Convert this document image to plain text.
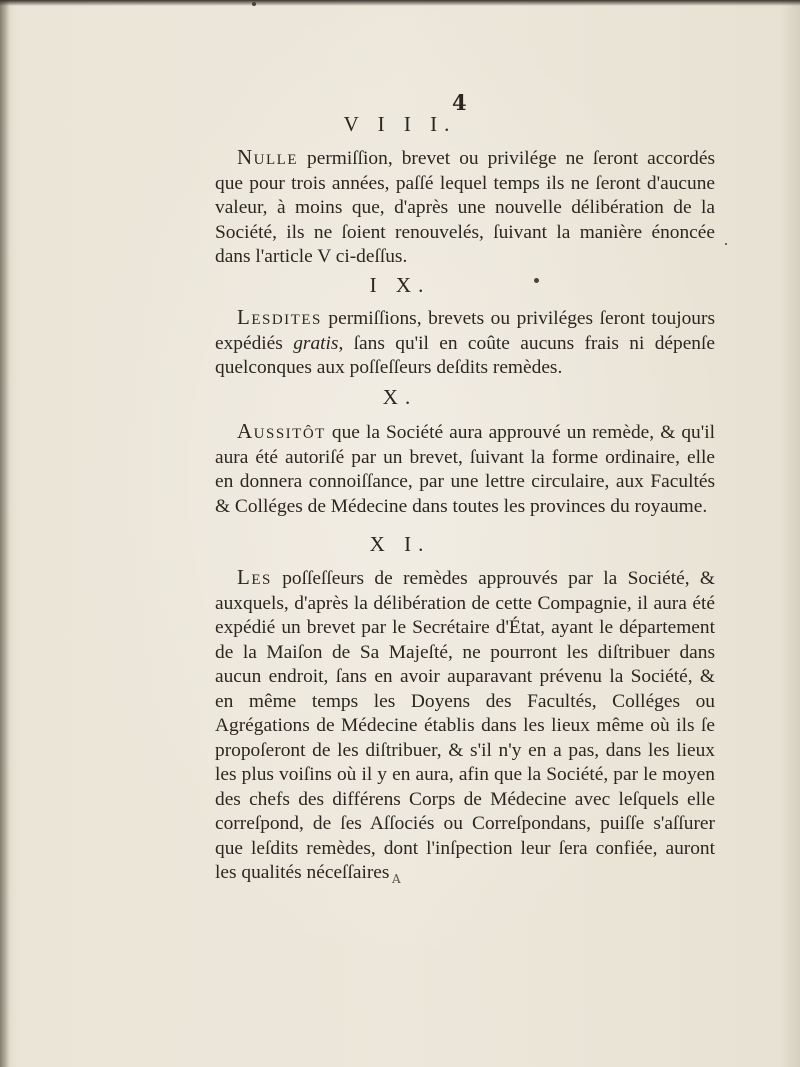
4
V I I I.

Nulle permiſſion, brevet ou privilége ne ſeront accordés que pour trois années, paſſé lequel temps ils ne ſeront d'aucune valeur, à moins que, d'après une nouvelle délibération de la Société, ils ne ſoient renouvelés, ſuivant la manière énoncée dans l'article V ci-deſſus.

I X.

Lesdites permiſſions, brevets ou priviléges ſeront toujours expédiés gratis, ſans qu'il en coûte aucuns frais ni dépenſe quelconques aux poſſeſſeurs deſdits remèdes.

X.

Aussitôt que la Société aura approuvé un remède, & qu'il aura été autoriſé par un brevet, ſuivant la forme ordinaire, elle en donnera connoiſſance, par une lettre circulaire, aux Facultés & Colléges de Médecine dans toutes les provinces du royaume.

X I.

Les poſſeſſeurs de remèdes approuvés par la Société, & auxquels, d'après la délibération de cette Compagnie, il aura été expédié un brevet par le Secrétaire d'État, ayant le département de la Maiſon de Sa Majeſté, ne pourront les diſtribuer dans aucun endroit, ſans en avoir auparavant prévenu la Société, & en même temps les Doyens des Facultés, Colléges ou Agrégations de Médecine établis dans les lieux même où ils ſe propoſeront de les diſtribuer, & s'il n'y en a pas, dans les lieux les plus voiſins où il y en aura, afin que la Société, par le moyen des chefs des différens Corps de Médecine avec leſquels elle correſpond, de ſes Aſſociés ou Correſpondans, puiſſe s'aſſurer que leſdits remèdes, dont l'inſpection leur ſera confiée, auront les qualités néceſſaires A
